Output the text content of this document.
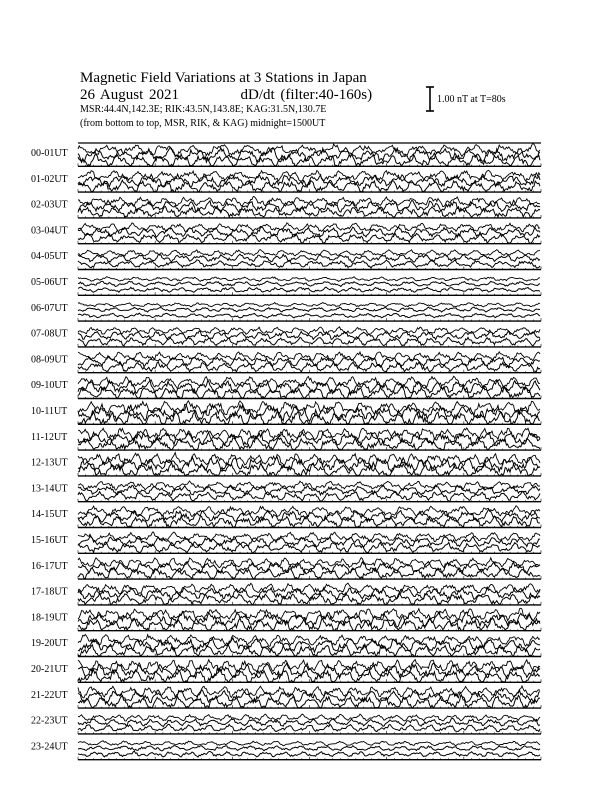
Magnetic Field Variations at 3 Stations in Japan
26 August 2021	dD/dt (filter:40-160s)
MSR:44.4N,142.3E; RIK:43.5N,143.8E; KAG:31.5N,130.7E
(from bottom to top, MSR, RIK, & KAG) midnight=1500UT
1.00 nT at T=80s
00-01UT
01-02UT
02-03UT
03-04UT
04-05UT
05-06UT
06-07UT
07-08UT
08-09UT
09-10UT
10-11UT
11-12UT
12-13UT
13-14UT
14-15UT
15-16UT
16-17UT
17-18UT
18-19UT
19-20UT
20-21UT
21-22UT
22-23UT
23-24UT
